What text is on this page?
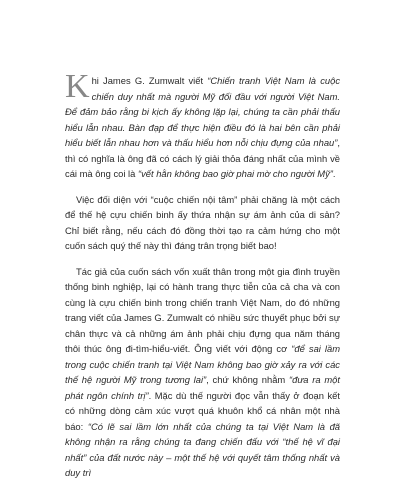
Khi James G. Zumwalt viết “Chiến tranh Việt Nam là cuộc chiến duy nhất mà người Mỹ đối đầu với người Việt Nam. Để đảm bảo rằng bi kịch ấy không lặp lại, chúng ta cần phải thấu hiểu lẫn nhau. Bàn đạp để thực hiện điều đó là hai bên cần phải hiểu biết lẫn nhau hơn và thấu hiểu hơn nỗi chịu đựng của nhau”, thì có nghĩa là ông đã có cách lý giải thỏa đáng nhất của mình về cái mà ông coi là “vết hằn không bao giờ phai mờ cho người Mỹ”.

Việc đối diện với “cuộc chiến nội tâm” phải chăng là một cách để thế hệ cựu chiến binh ấy thứa nhận sự ám ảnh của di sản? Chỉ biết rằng, nếu cách đó đồng thời tạo ra cảm hứng cho một cuốn sách quý thế này thì đáng trân trọng biết bao!

Tác giả của cuốn sách vốn xuất thân trong một gia đình truyền thống binh nghiệp, lại có hành trang thực tiễn của cả cha và con cùng là cựu chiến binh trong chiến tranh Việt Nam, do đó những trang viết của James G. Zumwalt có nhiều sức thuyết phục bởi sự chân thực và cả những ám ảnh phải chịu đựng qua năm tháng thôi thúc ông đi-tìm-hiểu-viết. Ông viết với động cơ “để sai lầm trong cuộc chiến tranh tại Việt Nam không bao giờ xảy ra với các thế hệ người Mỹ trong tương lai”, chứ không nhằm “đưa ra một phát ngôn chính trị”. Mặc dù thế người đọc vẫn thấy ở đoạn kết có những dòng cảm xúc vượt quá khuôn khổ cá nhân một nhà báo: “Có lẽ sai lầm lớn nhất của chúng ta tại Việt Nam là đã không nhận ra rằng chúng ta đang chiến đấu với “thế hệ vĩ đại nhất” của đất nước này – một thế hệ với quyết tâm thống nhất và duy trì
